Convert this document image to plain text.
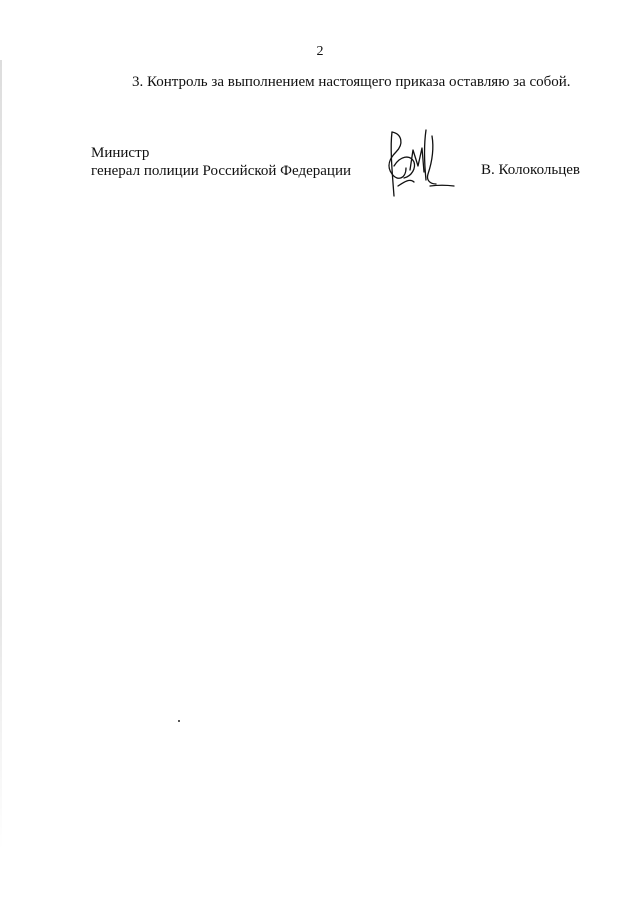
2
3. Контроль за выполнением настоящего приказа оставляю за собой.
Министр
генерал полиции Российской Федерации	В. Колокольцев
